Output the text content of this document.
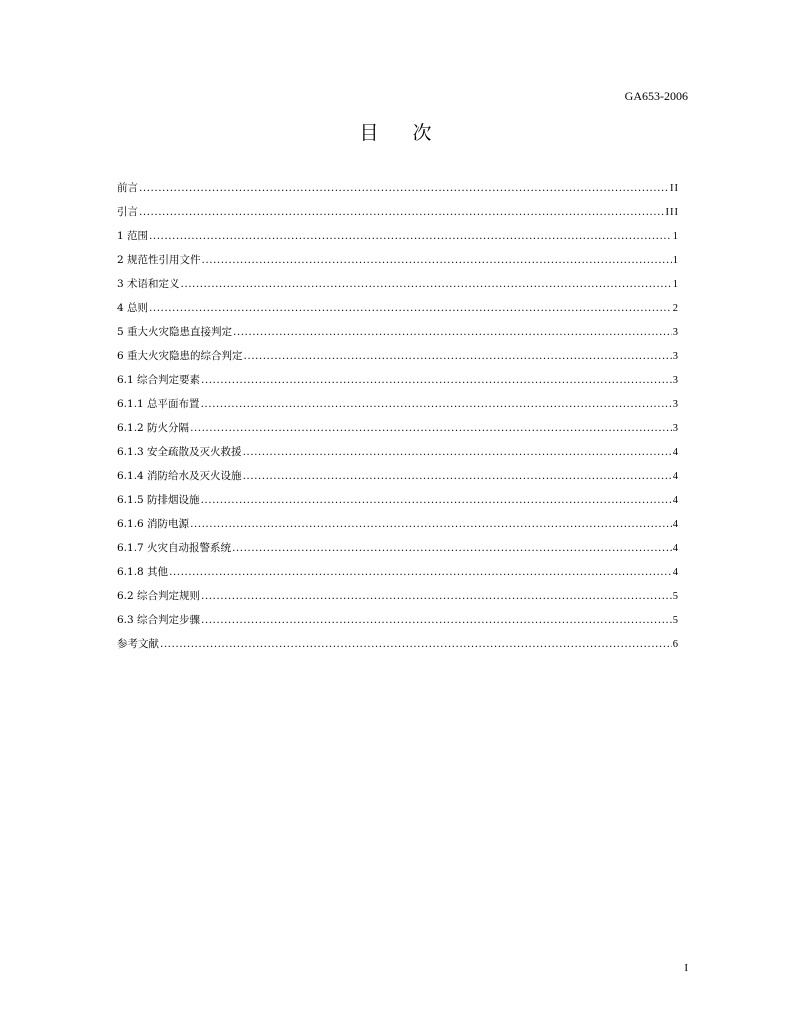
GA653-2006
目次
前言 .....	II
引言 .....	III
1 范围 .....	1
2 规范性引用文件 .....	1
3 术语和定义 .....	1
4 总则 .....	2
5 重大火灾隐患直接判定 .....	3
6 重大火灾隐患的综合判定 .....	3
6.1 综合判定要素 .....	3
6.1.1 总平面布置 .....	3
6.1.2 防火分隔 .....	3
6.1.3 安全疏散及灭火救援 .....	4
6.1.4 消防给水及灭火设施 .....	4
6.1.5 防排烟设施 .....	4
6.1.6 消防电源 .....	4
6.1.7 火灾自动报警系统 .....	4
6.1.8 其他 .....	4
6.2 综合判定规则 .....	5
6.3 综合判定步骤 .....	5
参考文献 .....	6
I
